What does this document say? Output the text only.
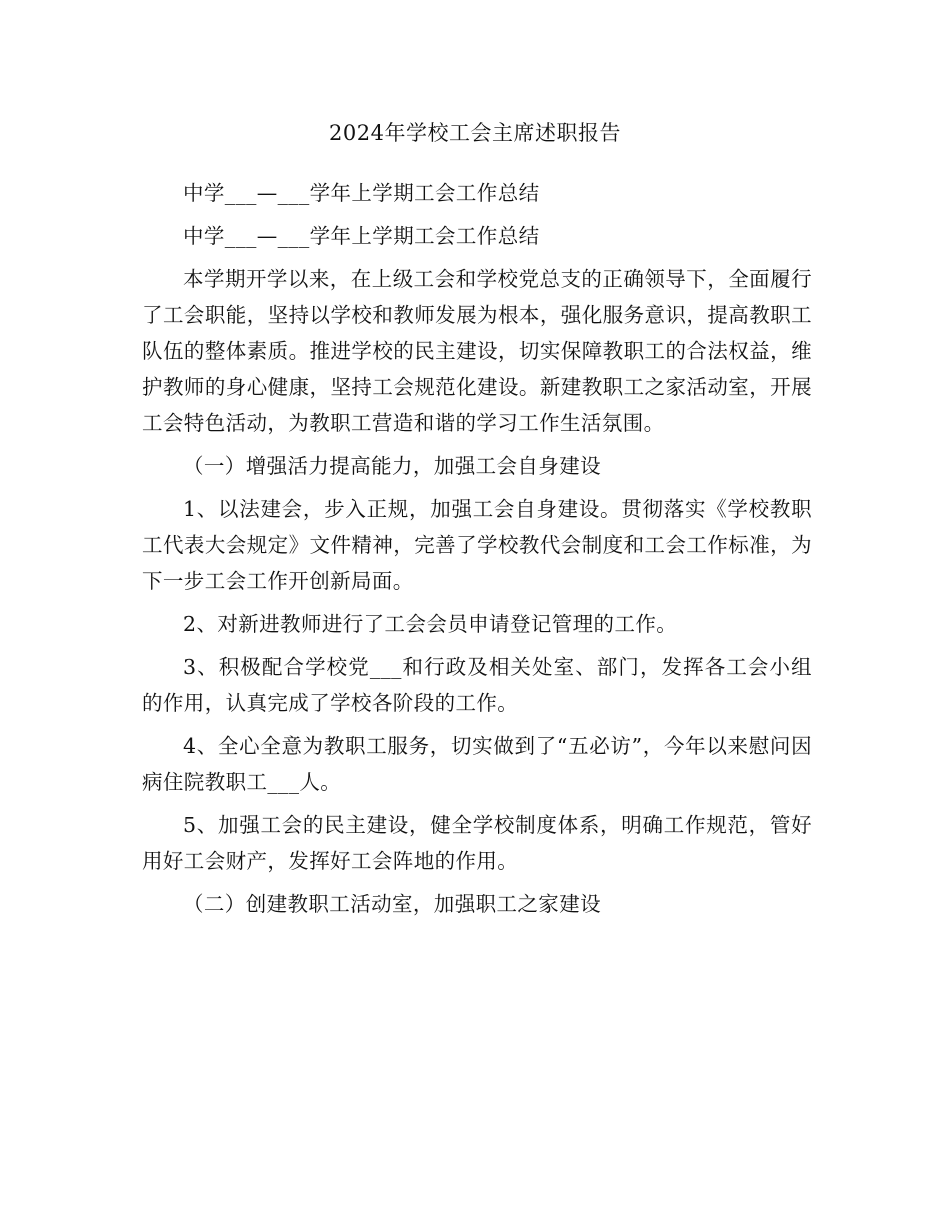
2024年学校工会主席述职报告

中学___—___学年上学期工会工作总结

中学___—___学年上学期工会工作总结

本学期开学以来，在上级工会和学校党总支的正确领导下，全面履行了工会职能，坚持以学校和教师发展为根本，强化服务意识，提高教职工队伍的整体素质。推进学校的民主建设，切实保障教职工的合法权益，维护教师的身心健康，坚持工会规范化建设。新建教职工之家活动室，开展工会特色活动，为教职工营造和谐的学习工作生活氛围。

（一）增强活力提高能力，加强工会自身建设

1、以法建会，步入正规，加强工会自身建设。贯彻落实《学校教职工代表大会规定》文件精神，完善了学校教代会制度和工会工作标准，为下一步工会工作开创新局面。

2、对新进教师进行了工会会员申请登记管理的工作。

3、积极配合学校党___和行政及相关处室、部门，发挥各工会小组的作用，认真完成了学校各阶段的工作。

4、全心全意为教职工服务，切实做到了“五必访”，今年以来慰问因病住院教职工___人。

5、加强工会的民主建设，健全学校制度体系，明确工作规范，管好用好工会财产，发挥好工会阵地的作用。

（二）创建教职工活动室，加强职工之家建设
